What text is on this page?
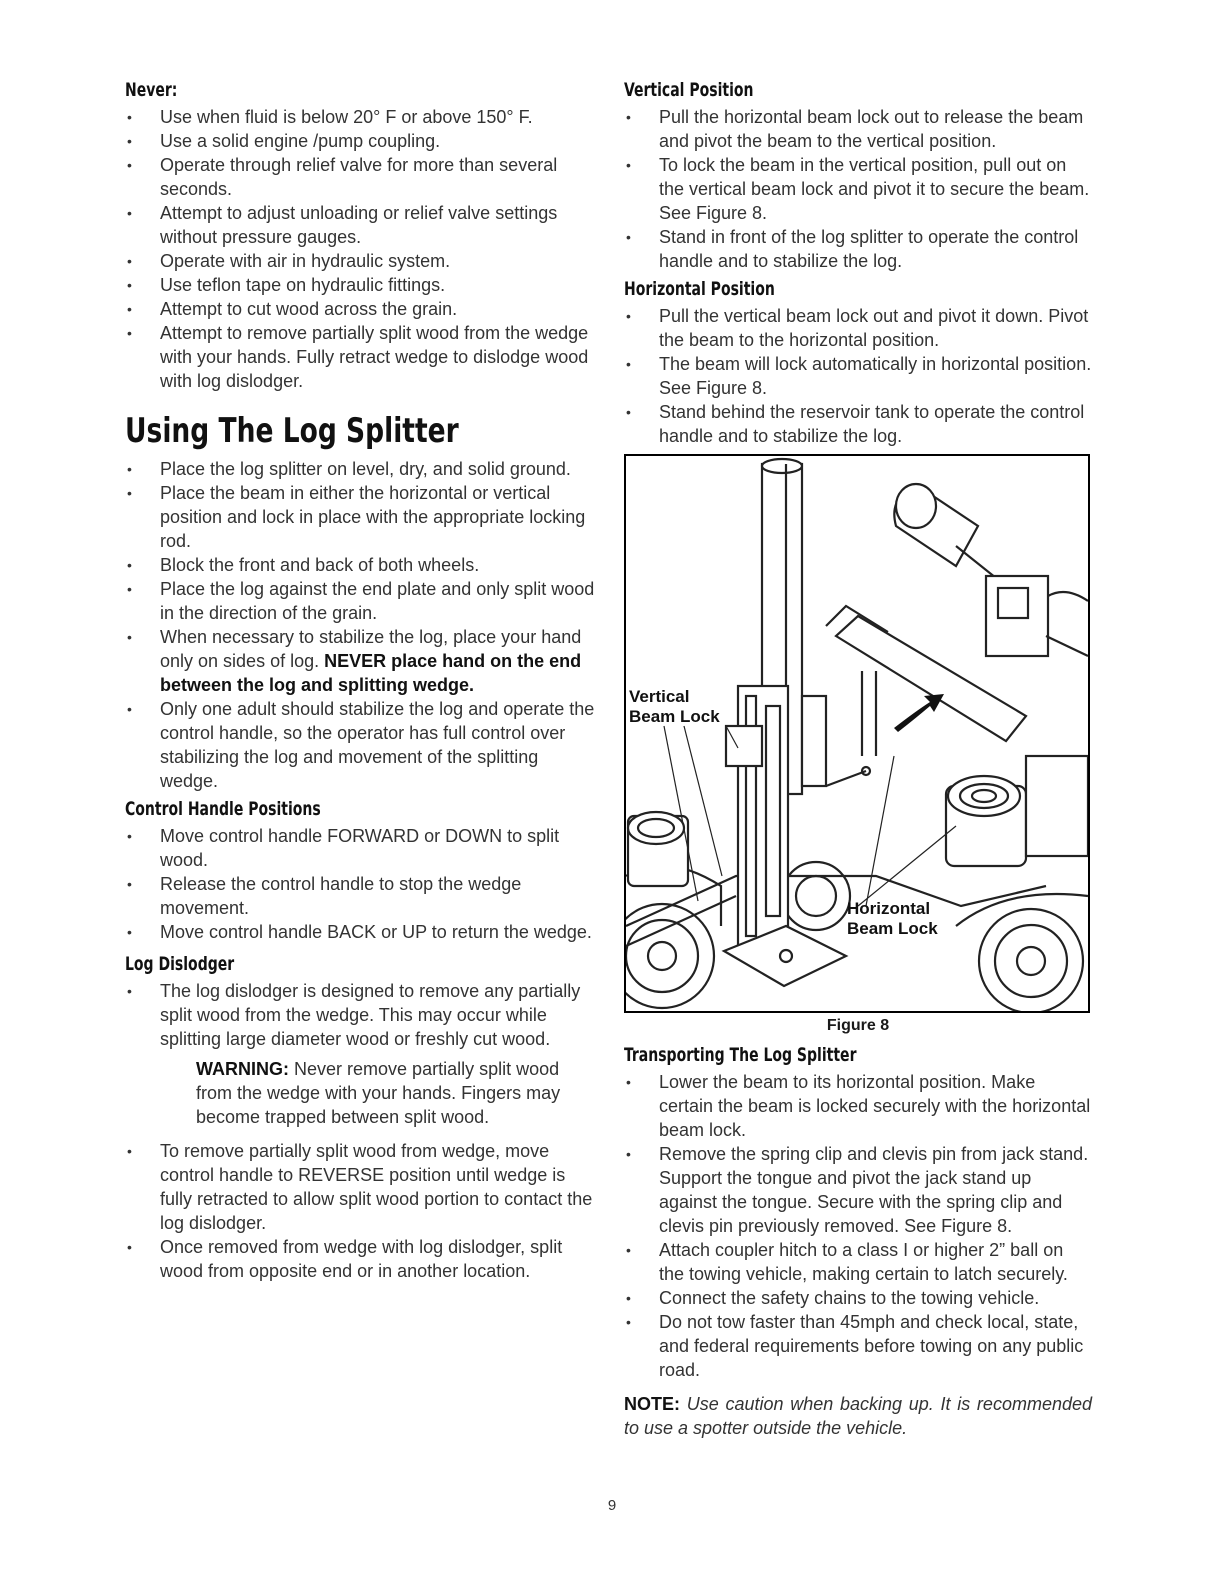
Never:
• Use when fluid is below 20° F or above 150° F.
• Use a solid engine /pump coupling.
• Operate through relief valve for more than several seconds.
• Attempt to adjust unloading or relief valve settings without pressure gauges.
• Operate with air in hydraulic system.
• Use teflon tape on hydraulic fittings.
• Attempt to cut wood across the grain.
• Attempt to remove partially split wood from the wedge with your hands. Fully retract wedge to dislodge wood with log dislodger.
Using The Log Splitter
• Place the log splitter on level, dry, and solid ground.
• Place the beam in either the horizontal or vertical position and lock in place with the appropriate locking rod.
• Block the front and back of both wheels.
• Place the log against the end plate and only split wood in the direction of the grain.
• When necessary to stabilize the log, place your hand only on sides of log. NEVER place hand on the end between the log and splitting wedge.
• Only one adult should stabilize the log and operate the control handle, so the operator has full control over stabilizing the log and movement of the splitting wedge.
Control Handle Positions
• Move control handle FORWARD or DOWN to split wood.
• Release the control handle to stop the wedge movement.
• Move control handle BACK or UP to return the wedge.
Log Dislodger
• The log dislodger is designed to remove any partially split wood from the wedge. This may occur while splitting large diameter wood or freshly cut wood.
WARNING: Never remove partially split wood from the wedge with your hands. Fingers may become trapped between split wood.
• To remove partially split wood from wedge, move control handle to REVERSE position until wedge is fully retracted to allow split wood portion to contact the log dislodger.
• Once removed from wedge with log dislodger, split wood from opposite end or in another location.
Vertical Position
• Pull the horizontal beam lock out to release the beam and pivot the beam to the vertical position.
• To lock the beam in the vertical position, pull out on the vertical beam lock and pivot it to secure the beam. See Figure 8.
• Stand in front of the log splitter to operate the control handle and to stabilize the log.
Horizontal Position
• Pull the vertical beam lock out and pivot it down. Pivot the beam to the horizontal position.
• The beam will lock automatically in horizontal position. See Figure 8.
• Stand behind the reservoir tank to operate the control handle and to stabilize the log.
Vertical
Beam Lock
Horizontal
Beam Lock
Figure 8
Transporting The Log Splitter
• Lower the beam to its horizontal position. Make certain the beam is locked securely with the horizontal beam lock.
• Remove the spring clip and clevis pin from jack stand. Support the tongue and pivot the jack stand up against the tongue. Secure with the spring clip and clevis pin previously removed. See Figure 8.
• Attach coupler hitch to a class I or higher 2” ball on the towing vehicle, making certain to latch securely.
• Connect the safety chains to the towing vehicle.
• Do not tow faster than 45mph and check local, state, and federal requirements before towing on any public road.
NOTE: Use caution when backing up. It is recommended to use a spotter outside the vehicle.
9
